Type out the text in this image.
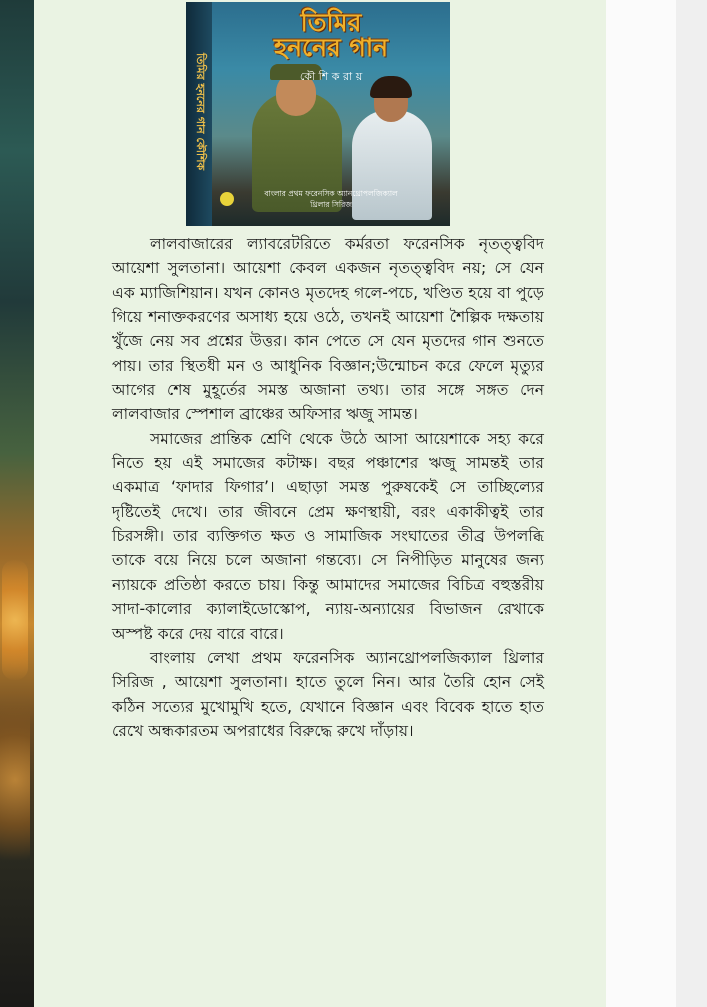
তিমির হননের গান কৌশিক
তিমির
হননের গান
কৌ শি ক রা য়
বাংলার প্রথম ফরেনসিক অ্যানথ্রোপলজিক্যাল
থ্রিলার সিরিজ

লালবাজারের ল্যাবরেটরিতে কর্মরতা ফরেনসিক নৃতত্ত্ববিদ আয়েশা সুলতানা। আয়েশা কেবল একজন নৃতত্ত্ববিদ নয়; সে যেন এক ম্যাজিশিয়ান। যখন কোনও মৃতদেহ গলে-পচে, খণ্ডিত হয়ে বা পুড়ে গিয়ে শনাক্তকরণের অসাধ্য হয়ে ওঠে, তখনই আয়েশা শৈল্পিক দক্ষতায় খুঁজে নেয় সব প্রশ্নের উত্তর। কান পেতে সে যেন মৃতদের গান শুনতে পায়। তার স্থিতধী মন ও আধুনিক বিজ্ঞান;উন্মোচন করে ফেলে মৃত্যুর আগের শেষ মুহূর্তের সমস্ত অজানা তথ্য। তার সঙ্গে সঙ্গত দেন লালবাজার স্পেশাল ব্রাঞ্চের অফিসার ঋজু সামন্ত।

সমাজের প্রান্তিক শ্রেণি থেকে উঠে আসা আয়েশাকে সহ্য করে নিতে হয় এই সমাজের কটাক্ষ। বছর পঞ্চাশের ঋজু সামন্তই তার একমাত্র ‘ফাদার ফিগার’। এছাড়া সমস্ত পুরুষকেই সে তাচ্ছিল্যের দৃষ্টিতেই দেখে। তার জীবনে প্রেম ক্ষণস্থায়ী, বরং একাকীত্বই তার চিরসঙ্গী। তার ব্যক্তিগত ক্ষত ও সামাজিক সংঘাতের তীব্র উপলব্ধি তাকে বয়ে নিয়ে চলে অজানা গন্তব্যে। সে নিপীড়িত মানুষের জন্য ন্যায়কে প্রতিষ্ঠা করতে চায়। কিন্তু আমাদের সমাজের বিচিত্র বহুস্তরীয় সাদা-কালোর ক্যালাইডোস্কোপ, ন্যায়-অন্যায়ের বিভাজন রেখাকে অস্পষ্ট করে দেয় বারে বারে।

বাংলায় লেখা প্রথম ফরেনসিক অ্যানথ্রোপলজিক্যাল থ্রিলার সিরিজ , আয়েশা সুলতানা। হাতে তুলে নিন। আর তৈরি হোন সেই কঠিন সত্যের মুখোমুখি হতে, যেখানে বিজ্ঞান এবং বিবেক হাতে হাত রেখে অন্ধকারতম অপরাধের বিরুদ্ধে রুখে দাঁড়ায়।
